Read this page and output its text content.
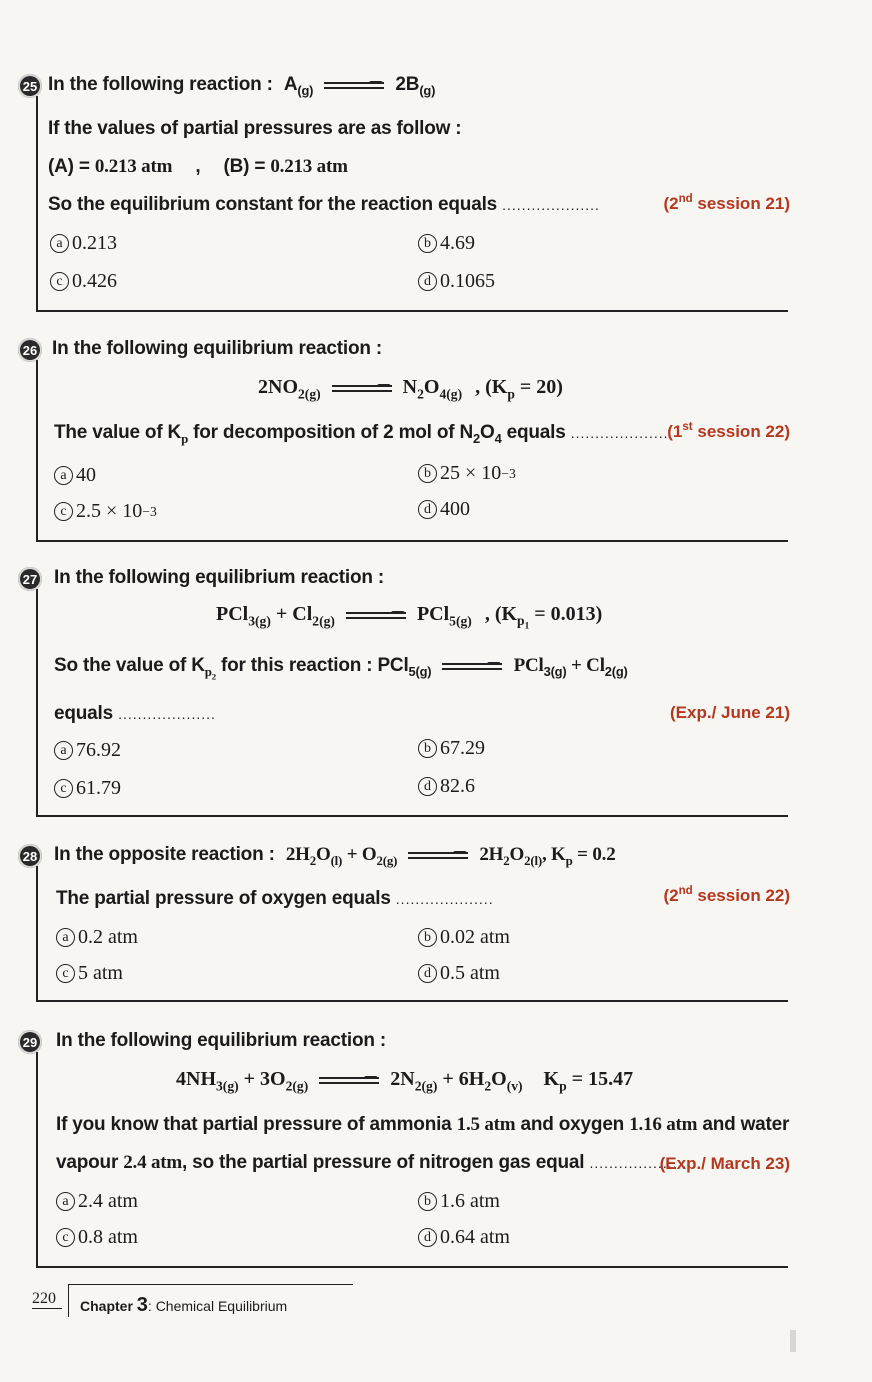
25 In the following reaction : $A_{(g)}$	$2B_{(g)}$
If the values of partial pressures are as follow :
(A) = 0.213 atm , (B) = 0.213 atm
So the equilibrium constant for the reaction equals ....................	(2nd session 21)
a 0.213	b 4.69
c 0.426	d 0.1065
26 In the following equilibrium reaction :
$2NO_{2(g)}$	$N_2O_{4(g)}$ , $(K_p = 20)$
The value of $K_p$ for decomposition of 2 mol of $N_2O_4$ equals ....................
(1st session 22)
a 40	b 25 × 10 −3
c 2.5 × 10 −3	d 400
27 In the following equilibrium reaction :
$PCl_{3(g)} + Cl_{2(g)}$	PCl$_{5(g)}$ , $(K_{p_1} = 0.013)$
So the value of $K_{p_2}$ for this reaction : PCl$_{5(g)}$	$PCl_{3(g)} + Cl_{2(g)}$
equals ....................	(Exp./ June 21)
a 76.92	b 67.29
c 61.79	d 82.6
28 In the opposite reaction : $2H_2O_{(l)} + O_{2(g)}$	$2H_2O_{2(l)}$, $K_p = 0.2$
The partial pressure of oxygen equals ....................	(2nd session 22)
a 0.2 atm	b 0.02 atm
c 5 atm	d 0.5 atm
29 In the following equilibrium reaction :
$4NH_{3(g)} + 3O_{2(g)}$	$2N_{2(g)} + 6H_2O_{(v)}$ $K_p = 15.47$
If you know that partial pressure of ammonia 1.5 atm and oxygen 1.16 atm and water
vapour 2.4 atm, so the partial pressure of nitrogen gas equal ....................
(Exp./ March 23)
a 2.4 atm	b 1.6 atm
c 0.8 atm	d 0.64 atm
220	Chapter 3: Chemical Equilibrium
